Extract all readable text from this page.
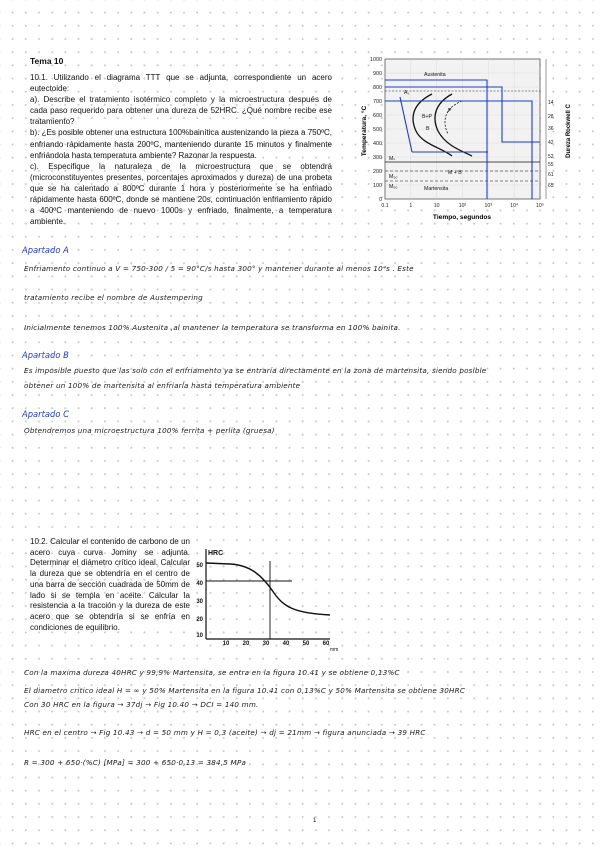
Tema 10
10.1. Utilizando el diagrama TTT que se adjunta, correspondiente un acero eutectoide:
a). Describe el tratamiento isotérmico completo y la microestructura después de cada paso requerido para obtener una dureza de 52HRC. ¿Qué nombre recibe ese tratamiento?
b). ¿Es posible obtener una estructura 100%bainítica austenizando la pieza a 750ºC, enfriando rápidamente hasta 200ºC, manteniendo durante 15 minutos y finalmente enfriándola hasta temperatura ambiente? Razonar la respuesta.
c). Especifique la naturaleza de la microestructura que se obtendrá (microconstituyentes presentes, porcentajes aproximados y dureza) de una probeta que se ha calentado a 800ºC durante 1 hora y posteriormente se ha enfriado rápidamente hasta 600ºC, donde se mantiene 20s, continuación enfriamiento rápido a 400ºC manteniendo de nuevo 1000s y enfriado, finalmente, a temperatura ambiente.
1000
900
800
700
600
500
400
300
200
100
0
0.1	1	10	10²	10³	10⁴	10⁵
Tiempo, segundos
Temperatura, °C
14
28
36
42
52
55
61
65
Dureza Rockwell C
Austenita
A₁
P
B
B+P
Mₛ
M₅₀
M₉₀	Martensita
M + B
Apartado A
Enfriamento continuo a V = 750-300 / 5 = 90°C/s hasta 300° y mantener durante al menos 10⁴s . Este
tratamiento recibe el nombre de Austempering
Inicialmente tenemos 100% Austenita ,al mantener la temperatura se transforma en 100% bainita.
Apartado B
Es imposible puesto que las solo con el enfriamento ya se entraría directamente en la zona de martensita, siendo posible
obtener un 100% de martensita al enfriarla hasta temperatura ambiente
Apartado C
Obtendremos una microestructura 100% ferrita + perlita (gruesa)
10.2. Calcular el contenido de carbono de un acero cuya curva Jominy se adjunta. Determinar el diámetro crítico ideal. Calcular la dureza que se obtendría en el centro de una barra de sección cuadrada de 50mm de lado si se templa en aceite. Calcular la resistencia a la tracción y la dureza de este acero que se obtendría si se enfría en condiciones de equilibrio.
HRC
50
40
30
20
10
10 20 30 40 50 60
mm
Con la maxima dureza 40HRC y 99,9% Martensita, se entra en la figura 10.41 y se obtiene 0,13%C
El diametro critico ideal H = ∞ y 50% Martensita en la figura 10.41 con 0,13%C y 50% Martensita se obtiene 30HRC
Con 30 HRC en la figura → 37dj → Fig 10.40 → DCI = 140 mm.
HRC en el centro → Fig 10.43 → d = 50 mm y H = 0,3 (aceite) → dj = 21mm → figura anunciada → 39 HRC
R = 300 + 650·(%C) [MPa] = 300 + 650·0,13 = 384,5 MPa
1
